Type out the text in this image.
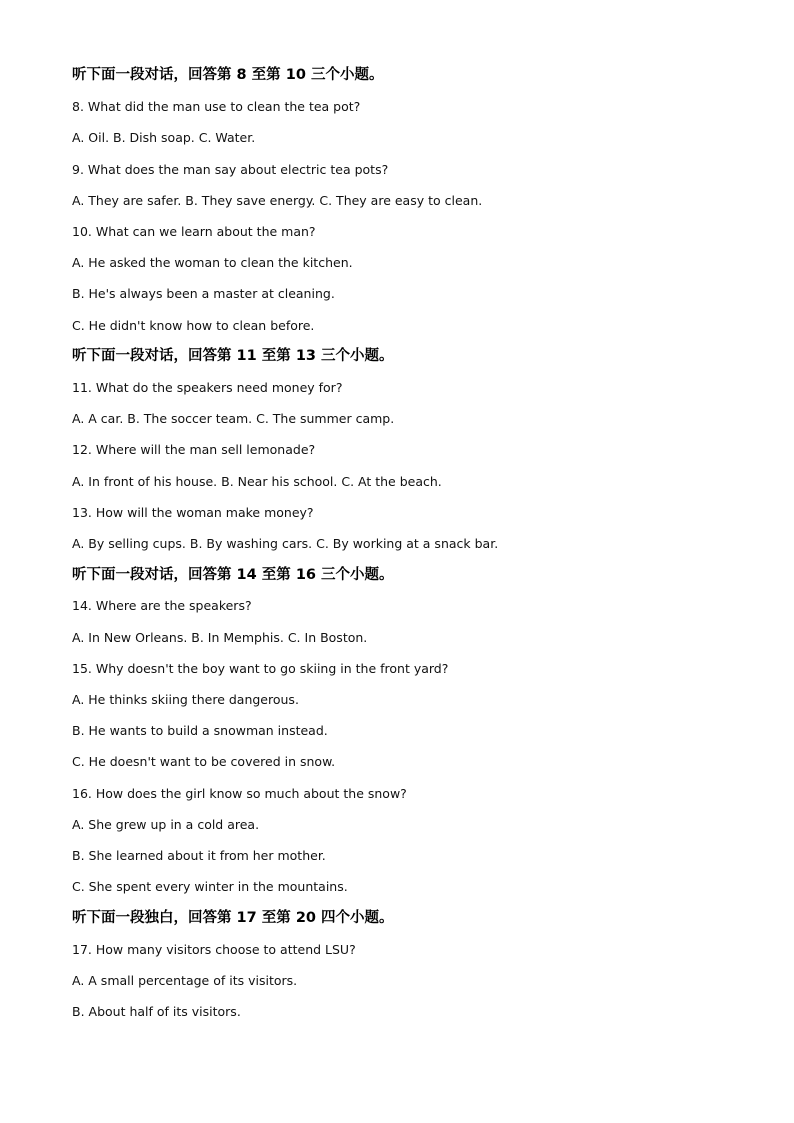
听下面一段对话，回答第 8 至第 10 三个小题。
8. What did the man use to clean the tea pot?
A. Oil. B. Dish soap. C. Water.
9. What does the man say about electric tea pots?
A. They are safer. B. They save energy. C. They are easy to clean.
10. What can we learn about the man?
A. He asked the woman to clean the kitchen.
B. He's always been a master at cleaning.
C. He didn't know how to clean before.
听下面一段对话，回答第 11 至第 13 三个小题。
11. What do the speakers need money for?
A. A car. B. The soccer team. C. The summer camp.
12. Where will the man sell lemonade?
A. In front of his house. B. Near his school. C. At the beach.
13. How will the woman make money?
A. By selling cups. B. By washing cars. C. By working at a snack bar.
听下面一段对话，回答第 14 至第 16 三个小题。
14. Where are the speakers?
A. In New Orleans. B. In Memphis. C. In Boston.
15. Why doesn't the boy want to go skiing in the front yard?
A. He thinks skiing there dangerous.
B. He wants to build a snowman instead.
C. He doesn't want to be covered in snow.
16. How does the girl know so much about the snow?
A. She grew up in a cold area.
B. She learned about it from her mother.
C. She spent every winter in the mountains.
听下面一段独白，回答第 17 至第 20 四个小题。
17. How many visitors choose to attend LSU?
A. A small percentage of its visitors.
B. About half of its visitors.
